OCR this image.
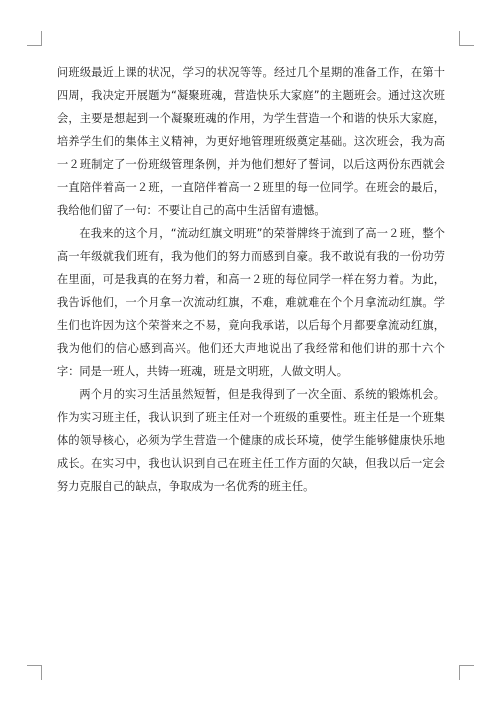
问班级最近上课的状况，学习的状况等等。经过几个星期的准备工作，在第十四周，我决定开展题为“凝聚班魂，营造快乐大家庭”的主题班会。通过这次班会，主要是想起到一个凝聚班魂的作用，为学生营造一个和谐的快乐大家庭，培养学生们的集体主义精神，为更好地管理班级奠定基础。这次班会，我为高一２班制定了一份班级管理条例，并为他们想好了誓词，以后这两份东西就会一直陪伴着高一２班，一直陪伴着高一２班里的每一位同学。在班会的最后，我给他们留了一句：不要让自己的高中生活留有遗憾。

在我来的这个月，“流动红旗文明班”的荣誉牌终于流到了高一２班，整个高一年级就我们班有，我为他们的努力而感到自豪。我不敢说有我的一份功劳在里面，可是我真的在努力着，和高一２班的每位同学一样在努力着。为此，我告诉他们，一个月拿一次流动红旗，不难，难就难在个个月拿流动红旗。学生们也许因为这个荣誉来之不易，竟向我承诺，以后每个月都要拿流动红旗，我为他们的信心感到高兴。他们还大声地说出了我经常和他们讲的那十六个字：同是一班人，共铸一班魂，班是文明班，人做文明人。

两个月的实习生活虽然短暂，但是我得到了一次全面、系统的锻炼机会。作为实习班主任，我认识到了班主任对一个班级的重要性。班主任是一个班集体的领导核心，必须为学生营造一个健康的成长环境，使学生能够健康快乐地成长。在实习中，我也认识到自己在班主任工作方面的欠缺，但我以后一定会努力克服自己的缺点，争取成为一名优秀的班主任。
